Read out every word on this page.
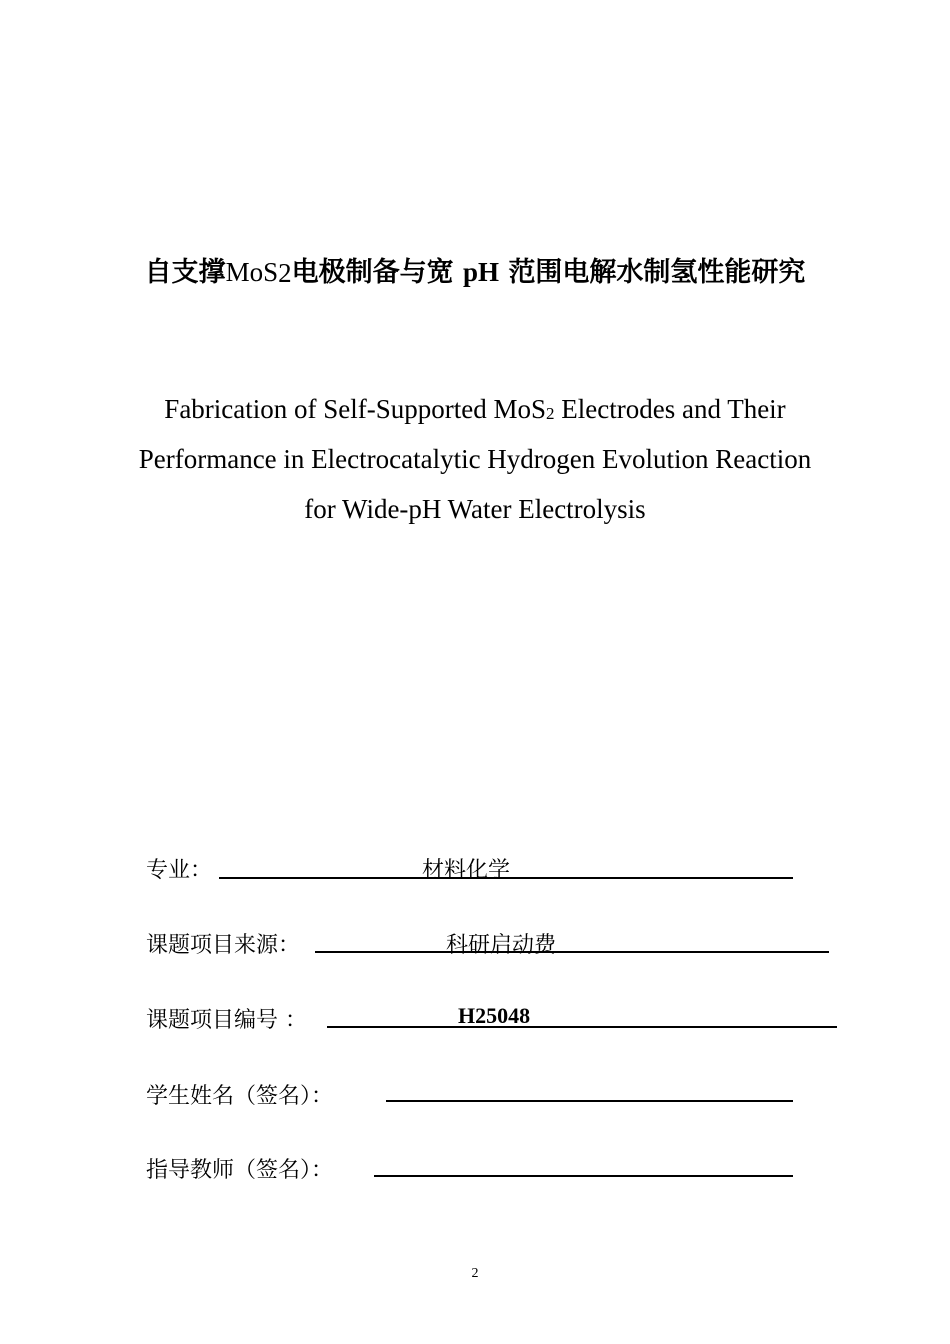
自支撑MoS$_2$电极制备与宽 pH 范围电解水制氢性能研究
Fabrication of Self-Supported MoS$_2$ Electrodes and Their
Performance in Electrocatalytic Hydrogen Evolution Reaction
for Wide-pH Water Electrolysis
专业：	材料化学
课题项目来源：	科研启动费
课题项目编号 ：	H25048
学生姓名（签名）：
指导教师（签名）：
2
